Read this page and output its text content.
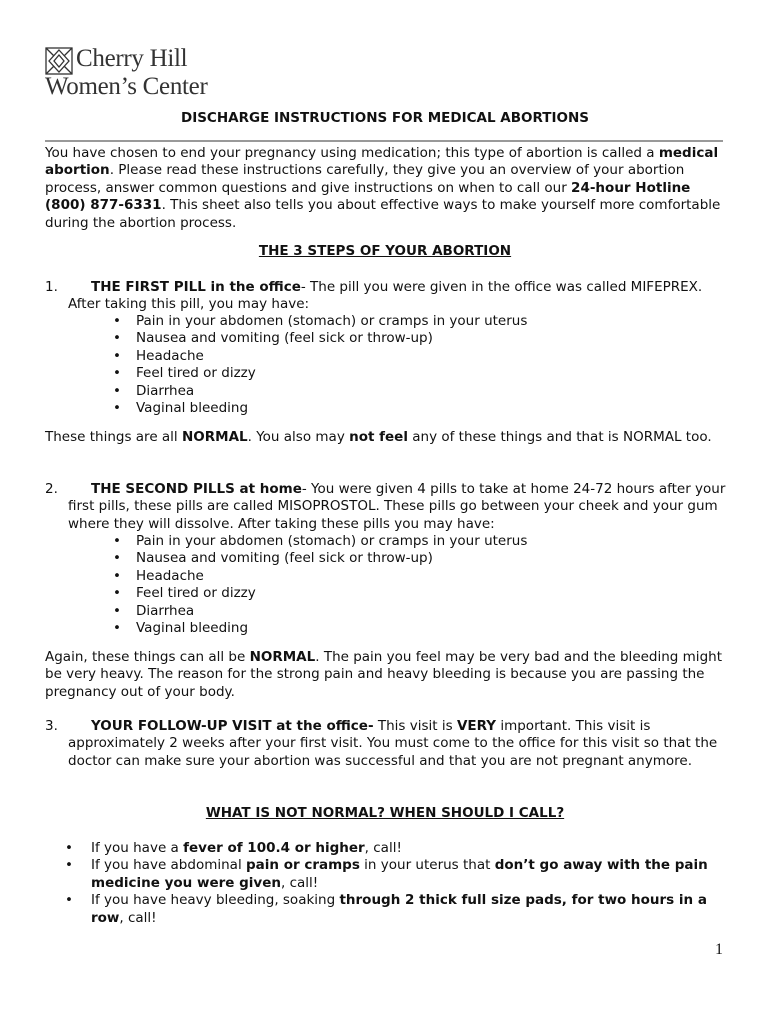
Cherry Hill
Women’s Center
DISCHARGE INSTRUCTIONS FOR MEDICAL ABORTIONS
You have chosen to end your pregnancy using medication; this type of abortion is called a medical abortion. Please read these instructions carefully, they give you an overview of your abortion process, answer common questions and give instructions on when to call our 24-hour Hotline (800) 877-6331. This sheet also tells you about effective ways to make yourself more comfortable during the abortion process.
THE 3 STEPS OF YOUR ABORTION
1.	THE FIRST PILL in the office- The pill you were given in the office was called MIFEPREX. After taking this pill, you may have:
• Pain in your abdomen (stomach) or cramps in your uterus
• Nausea and vomiting (feel sick or throw-up)
• Headache
• Feel tired or dizzy
• Diarrhea
• Vaginal bleeding
These things are all NORMAL. You also may not feel any of these things and that is NORMAL too.
2.	THE SECOND PILLS at home- You were given 4 pills to take at home 24-72 hours after your first pills, these pills are called MISOPROSTOL. These pills go between your cheek and your gum where they will dissolve. After taking these pills you may have:
• Pain in your abdomen (stomach) or cramps in your uterus
• Nausea and vomiting (feel sick or throw-up)
• Headache
• Feel tired or dizzy
• Diarrhea
• Vaginal bleeding
Again, these things can all be NORMAL. The pain you feel may be very bad and the bleeding might be very heavy. The reason for the strong pain and heavy bleeding is because you are passing the pregnancy out of your body.
3.	YOUR FOLLOW-UP VISIT at the office- This visit is VERY important. This visit is approximately 2 weeks after your first visit. You must come to the office for this visit so that the doctor can make sure your abortion was successful and that you are not pregnant anymore.
WHAT IS NOT NORMAL? WHEN SHOULD I CALL?
• If you have a fever of 100.4 or higher, call!
• If you have abdominal pain or cramps in your uterus that don’t go away with the pain medicine you were given, call!
• If you have heavy bleeding, soaking through 2 thick full size pads, for two hours in a row, call!
1
